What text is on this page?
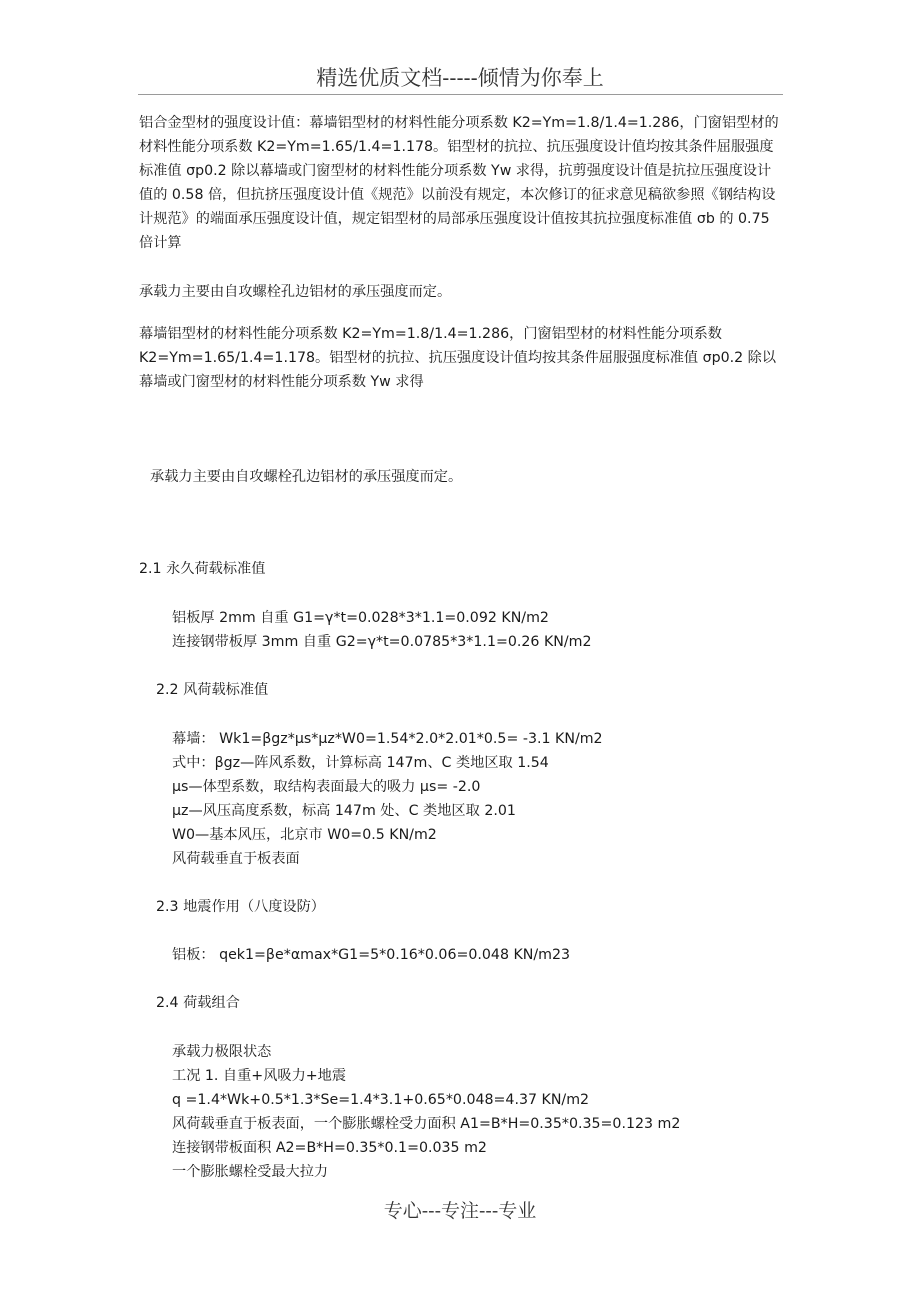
精选优质文档-----倾情为你奉上

铝合金型材的强度设计值：幕墙铝型材的材料性能分项系数 K2=Ym=1.8/1.4=1.286，门窗铝型材的材料性能分项系数 K2=Ym=1.65/1.4=1.178。铝型材的抗拉、抗压强度设计值均按其条件屈服强度标准值 σp0.2 除以幕墙或门窗型材的材料性能分项系数 Yw 求得，抗剪强度设计值是抗拉压强度设计值的 0.58 倍，但抗挤压强度设计值《规范》以前没有规定，本次修订的征求意见稿欲参照《钢结构设计规范》的端面承压强度设计值，规定铝型材的局部承压强度设计值按其抗拉强度标准值 σb 的 0.75 倍计算

承载力主要由自攻螺栓孔边铝材的承压强度而定。

幕墙铝型材的材料性能分项系数 K2=Ym=1.8/1.4=1.286，门窗铝型材的材料性能分项系数 K2=Ym=1.65/1.4=1.178。铝型材的抗拉、抗压强度设计值均按其条件屈服强度标准值 σp0.2 除以幕墙或门窗型材的材料性能分项系数 Yw 求得

承载力主要由自攻螺栓孔边铝材的承压强度而定。

2.1 永久荷载标准值

铝板厚 2mm 自重 G1=γ*t=0.028*3*1.1=0.092 KN/m2

连接钢带板厚 3mm 自重 G2=γ*t=0.0785*3*1.1=0.26 KN/m2

2.2 风荷载标准值

幕墙： Wk1=βgz*μs*μz*W0=1.54*2.0*2.01*0.5= -3.1 KN/m2

式中：βgz—阵风系数，计算标高 147m、C 类地区取 1.54

μs—体型系数，取结构表面最大的吸力 μs= -2.0

μz—风压高度系数，标高 147m 处、C 类地区取 2.01

W0—基本风压，北京市 W0=0.5 KN/m2

风荷载垂直于板表面

2.3 地震作用（八度设防）

铝板： qek1=βe*αmax*G1=5*0.16*0.06=0.048 KN/m23

2.4 荷载组合

承载力极限状态

工况 1. 自重+风吸力+地震

q =1.4*Wk+0.5*1.3*Se=1.4*3.1+0.65*0.048=4.37 KN/m2

风荷载垂直于板表面，一个膨胀螺栓受力面积 A1=B*H=0.35*0.35=0.123 m2

连接钢带板面积 A2=B*H=0.35*0.1=0.035 m2

一个膨胀螺栓受最大拉力

专心---专注---专业
